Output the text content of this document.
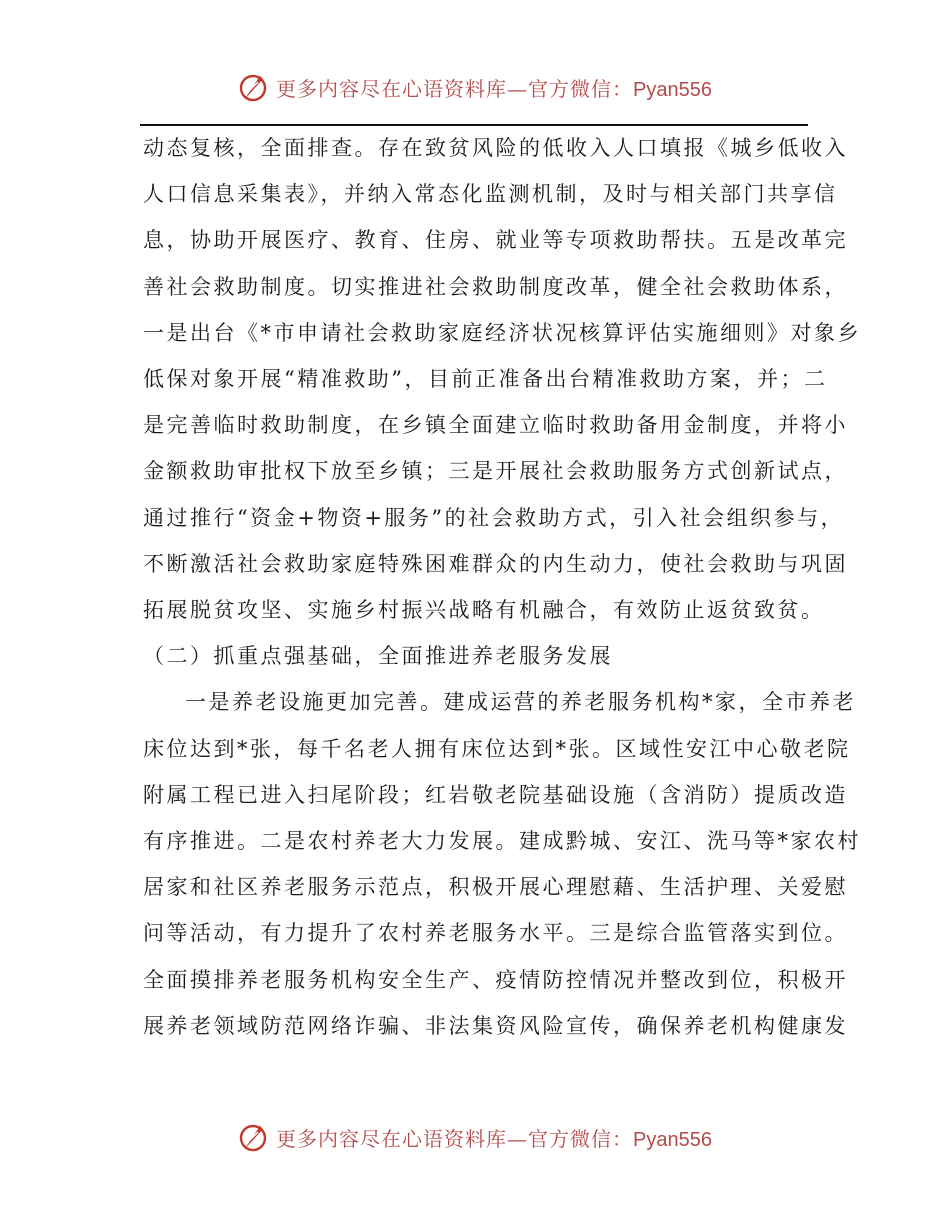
更多内容尽在心语资料库—官方微信：Pyan556

动态复核，全面排查。存在致贫风险的低收入人口填报《城乡低收入
人口信息采集表》，并纳入常态化监测机制，及时与相关部门共享信
息，协助开展医疗、教育、住房、就业等专项救助帮扶。五是改革完
善社会救助制度。切实推进社会救助制度改革，健全社会救助体系，
一是出台《*市申请社会救助家庭经济状况核算评估实施细则》对象乡
低保对象开展“精准救助”，目前正准备出台精准救助方案，并；二
是完善临时救助制度，在乡镇全面建立临时救助备用金制度，并将小
金额救助审批权下放至乡镇；三是开展社会救助服务方式创新试点，
通过推行“资金+物资+服务”的社会救助方式，引入社会组织参与，
不断激活社会救助家庭特殊困难群众的内生动力，使社会救助与巩固
拓展脱贫攻坚、实施乡村振兴战略有机融合，有效防止返贫致贫。

（二）抓重点强基础，全面推进养老服务发展

一是养老设施更加完善。建成运营的养老服务机构*家，全市养老
床位达到*张，每千名老人拥有床位达到*张。区域性安江中心敬老院
附属工程已进入扫尾阶段；红岩敬老院基础设施（含消防）提质改造
有序推进。二是农村养老大力发展。建成黔城、安江、洗马等*家农村
居家和社区养老服务示范点，积极开展心理慰藉、生活护理、关爱慰
问等活动，有力提升了农村养老服务水平。三是综合监管落实到位。
全面摸排养老服务机构安全生产、疫情防控情况并整改到位，积极开
展养老领域防范网络诈骗、非法集资风险宣传，确保养老机构健康发

更多内容尽在心语资料库—官方微信：Pyan556
